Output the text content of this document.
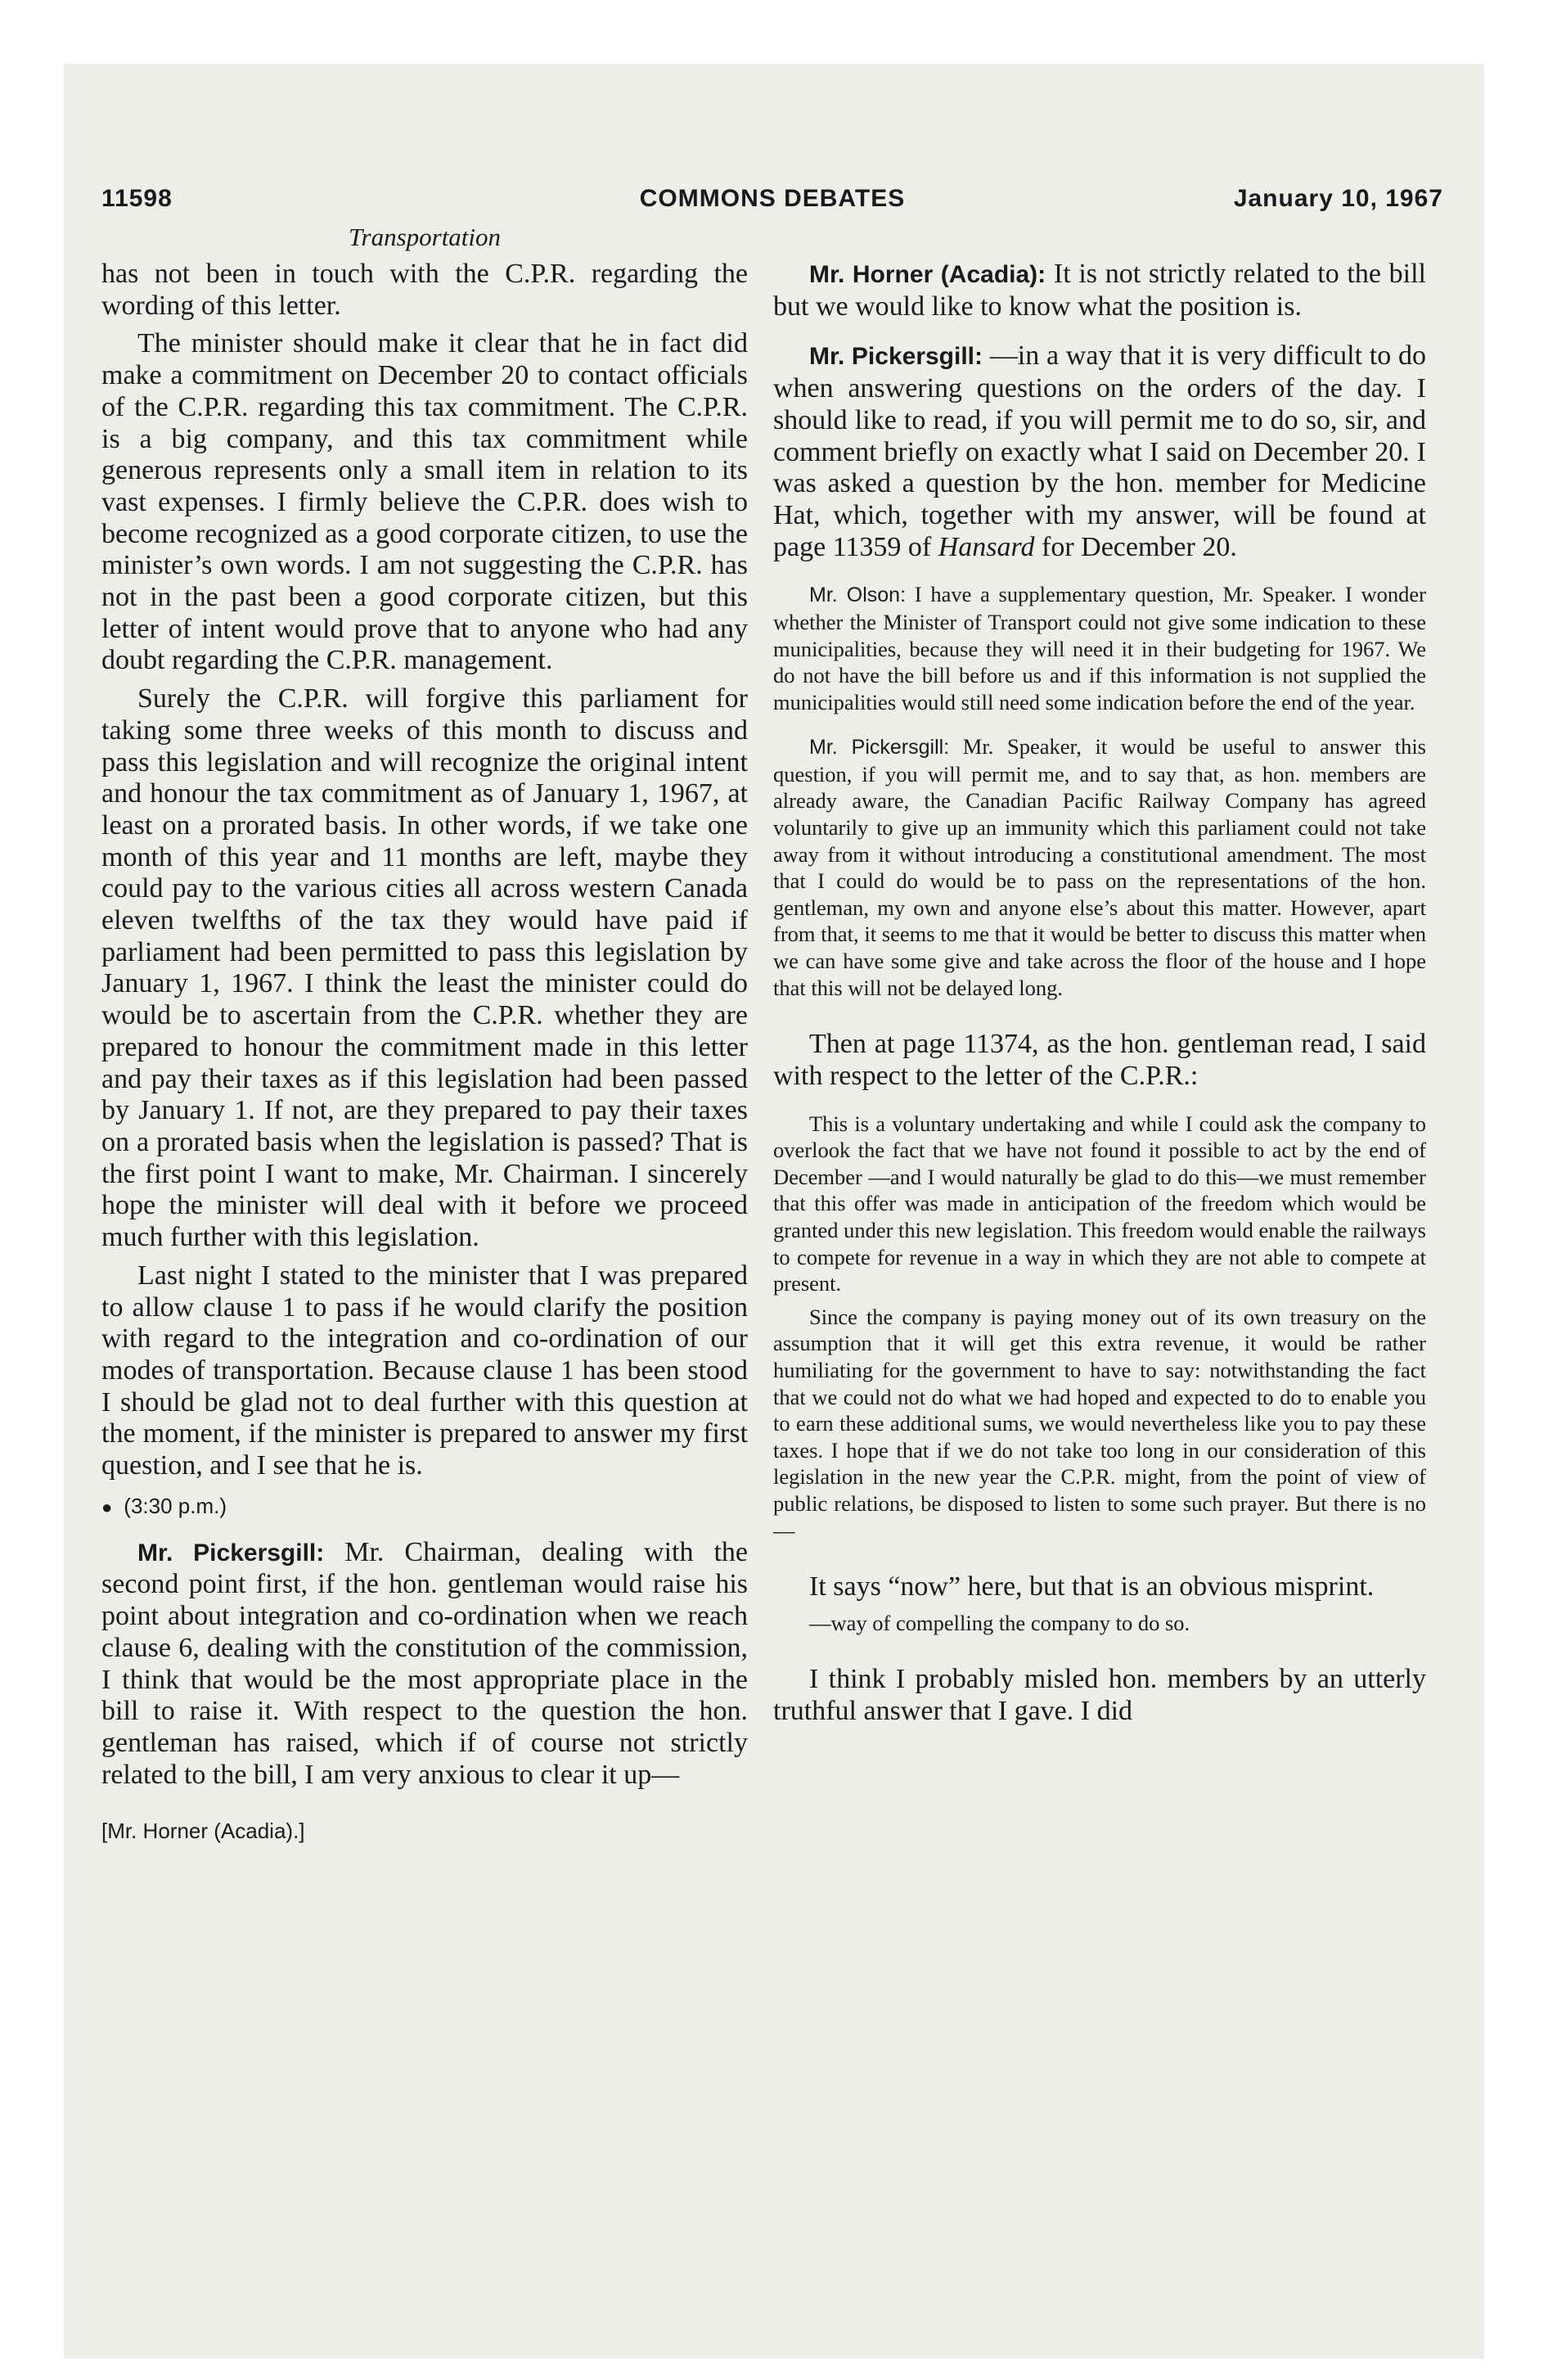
11598	COMMONS DEBATES	January 10, 1967
Transportation

has not been in touch with the C.P.R. regarding the wording of this letter.

The minister should make it clear that he in fact did make a commitment on December 20 to contact officials of the C.P.R. regarding this tax commitment. The C.P.R. is a big company, and this tax commitment while generous represents only a small item in relation to its vast expenses. I firmly believe the C.P.R. does wish to become recognized as a good corporate citizen, to use the minister’s own words. I am not suggesting the C.P.R. has not in the past been a good corporate citizen, but this letter of intent would prove that to anyone who had any doubt regarding the C.P.R. management.

Surely the C.P.R. will forgive this parliament for taking some three weeks of this month to discuss and pass this legislation and will recognize the original intent and honour the tax commitment as of January 1, 1967, at least on a prorated basis. In other words, if we take one month of this year and 11 months are left, maybe they could pay to the various cities all across western Canada eleven twelfths of the tax they would have paid if parliament had been permitted to pass this legislation by January 1, 1967. I think the least the minister could do would be to ascertain from the C.P.R. whether they are prepared to honour the commitment made in this letter and pay their taxes as if this legislation had been passed by January 1. If not, are they prepared to pay their taxes on a prorated basis when the legislation is passed? That is the first point I want to make, Mr. Chairman. I sincerely hope the minister will deal with it before we proceed much further with this legislation.

Last night I stated to the minister that I was prepared to allow clause 1 to pass if he would clarify the position with regard to the integration and co-ordination of our modes of transportation. Because clause 1 has been stood I should be glad not to deal further with this question at the moment, if the minister is prepared to answer my first question, and I see that he is.

● (3:30 p.m.)

Mr. Pickersgill: Mr. Chairman, dealing with the second point first, if the hon. gentleman would raise his point about integration and co-ordination when we reach clause 6, dealing with the constitution of the commission, I think that would be the most appropriate place in the bill to raise it. With respect to the question the hon. gentleman has raised, which if of course not strictly related to the bill, I am very anxious to clear it up—

[Mr. Horner (Acadia).]

Mr. Horner (Acadia): It is not strictly related to the bill but we would like to know what the position is.

Mr. Pickersgill: —in a way that it is very difficult to do when answering questions on the orders of the day. I should like to read, if you will permit me to do so, sir, and comment briefly on exactly what I said on December 20. I was asked a question by the hon. member for Medicine Hat, which, together with my answer, will be found at page 11359 of Hansard for December 20.

Mr. Olson: I have a supplementary question, Mr. Speaker. I wonder whether the Minister of Transport could not give some indication to these municipalities, because they will need it in their budgeting for 1967. We do not have the bill before us and if this information is not supplied the municipalities would still need some indication before the end of the year.

Mr. Pickersgill: Mr. Speaker, it would be useful to answer this question, if you will permit me, and to say that, as hon. members are already aware, the Canadian Pacific Railway Company has agreed voluntarily to give up an immunity which this parliament could not take away from it without introducing a constitutional amendment. The most that I could do would be to pass on the representations of the hon. gentleman, my own and anyone else’s about this matter. However, apart from that, it seems to me that it would be better to discuss this matter when we can have some give and take across the floor of the house and I hope that this will not be delayed long.

Then at page 11374, as the hon. gentleman read, I said with respect to the letter of the C.P.R.:

This is a voluntary undertaking and while I could ask the company to overlook the fact that we have not found it possible to act by the end of December —and I would naturally be glad to do this—we must remember that this offer was made in anticipation of the freedom which would be granted under this new legislation. This freedom would enable the railways to compete for revenue in a way in which they are not able to compete at present.

Since the company is paying money out of its own treasury on the assumption that it will get this extra revenue, it would be rather humiliating for the government to have to say: notwithstanding the fact that we could not do what we had hoped and expected to do to enable you to earn these additional sums, we would nevertheless like you to pay these taxes. I hope that if we do not take too long in our consideration of this legislation in the new year the C.P.R. might, from the point of view of public relations, be disposed to listen to some such prayer. But there is no—

It says “now” here, but that is an obvious misprint.

—way of compelling the company to do so.

I think I probably misled hon. members by an utterly truthful answer that I gave. I did
